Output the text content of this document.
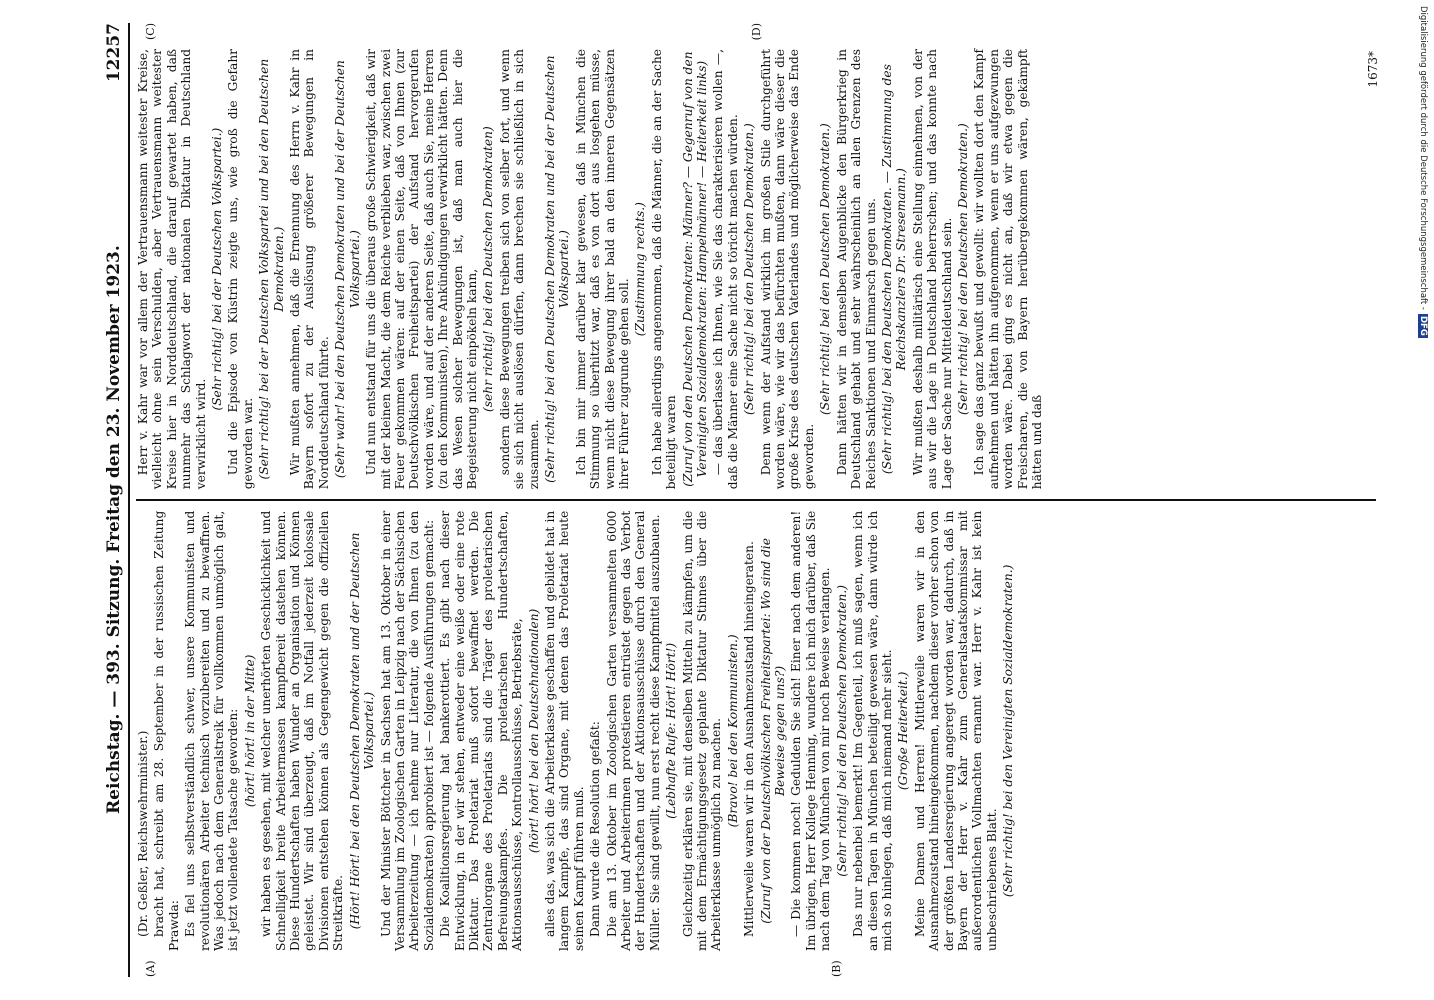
Reichstag. — 393. Sitzung. Freitag den 23. November 1923.
12257

(Dr. Geßler, Reichswehrminister.) bracht hat, schreibt am 28. September in der russischen Zeitung Prawda: Es fiel uns selbstverständlich schwer, unsere Kommunisten und revolutionären Arbeiter technisch vorzubereiten und zu bewaffnen. Was jedoch nach dem Generalstreik für vollkommen unmöglich galt, ist jetzt vollendete Tatsache geworden: (hört! hört! in der Mitte) wir haben es gesehen, mit welcher unerhörten Geschicklichkeit und Schnelligkeit breite Arbeitermassen kampfbereit dastehen können. Diese Hundertschaften haben Wunder an Organisation und Können geleistet. Wir sind überzeugt, daß im Notfall jederzeit kolossale Divisionen entstehen können als Gegengewicht gegen die offiziellen Streitkräfte. (Hört! Hört! bei den Deutschen Demokraten und der Deutschen Volkspartei.) Und der Minister Böttcher in Sachsen hat am 13. Oktober in einer Versammlung im Zoologischen Garten in Leipzig nach der Sächsischen Arbeiterzeitung — ich nehme nur Literatur, die von Ihnen (zu den Sozialdemokraten) approbiert ist — folgende Ausführungen gemacht: Die Koalitionsregierung hat bankerottiert. Es gibt nach dieser Entwicklung, in der wir stehen, entweder eine weiße oder eine rote Diktatur. Das Proletariat muß sofort bewaffnet werden. Die Zentralorgane des Proletariats sind die Träger des proletarischen Befreiungskampfes. Die proletarischen Hundertschaften, Aktionsausschüsse, Kontrollausschüsse, Betriebsräte, (hört! hört! bei den Deutschnationalen) alles das, was sich die Arbeiterklasse geschaffen und gebildet hat in langem Kampfe, das sind Organe, mit denen das Proletariat heute seinen Kampf führen muß. Dann wurde die Resolution gefaßt: Die am 13. Oktober im Zoologischen Garten versammelten 6000 Arbeiter und Arbeiterinnen protestieren entrüstet gegen das Verbot der Hundertschaften und der Aktionsausschüsse durch den General Müller. Sie sind gewillt, nun erst recht diese Kampfmittel auszubauen. (Lebhafte Rufe: Hört! Hört!) Gleichzeitig erklären sie, mit denselben Mitteln zu kämpfen, um die mit dem Ermächtigungsgesetz geplante Diktatur Stinnes über die Arbeiterklasse unmöglich zu machen. (Bravo! bei den Kommunisten.) Mittlerweile waren wir in den Ausnahmezustand hineingeraten. (Zuruf von der Deutschvölkischen Freiheitspartei: Wo sind die Beweise gegen uns?) — Die kommen noch! Gedulden Sie sich! Einer nach dem anderen! Im übrigen, Herr Kollege Henning, wundere ich mich darüber, daß Sie nach dem Tag von München von mir noch Beweise verlangen. (Sehr richtig! bei den Deutschen Demokraten.) Das nur nebenbei bemerkt! Im Gegenteil, ich muß sagen, wenn ich an diesen Tagen in München beteiligt gewesen wäre, dann würde ich mich so hinlegen, daß mich niemand mehr sieht. (Große Heiterkeit.) Meine Damen und Herren! Mittlerweile waren wir in den Ausnahmezustand hineingekommen, nachdem dieser vorher schon von der größten Landesregierung angeregt worden war, dadurch, daß in Bayern der Herr v. Kahr zum Generalstaatskommissar mit außerordentlichen Vollmachten ernannt war. Herr v. Kahr ist kein unbeschriebenes Blatt. (Sehr richtig! bei den Vereinigten Sozialdemokraten.)

Herr v. Kahr war vor allem der Vertrauensmann weitester Kreise, vielleicht ohne sein Verschulden, aber Vertrauensmann weitester Kreise hier in Norddeutschland, die darauf gewartet haben, daß nunmehr das Schlagwort der nationalen Diktatur in Deutschland verwirklicht wird.

(Sehr richtig! bei der Deutschen Volkspartei.) Und die Episode von Küstrin zeigte uns, wie groß die Gefahr geworden war. (Sehr richtig! bei der Deutschen Volkspartei und bei den Deutschen Demokraten.) Wir mußten annehmen, daß die Ernennung des Herrn v. Kahr in Bayern sofort zu der Auslösung größerer Bewegungen in Norddeutschland führte. (Sehr wahr! bei den Deutschen Demokraten und bei der Deutschen Volkspartei.) Und nun entstand für uns die überaus große Schwierigkeit, daß wir mit der kleinen Macht, die dem Reiche verblieben war, zwischen zwei Feuer gekommen wären: auf der einen Seite, daß von Ihnen (zur Deutschvölkischen Freiheitspartei) der Aufstand hervorgerufen worden wäre, und auf der anderen Seite, daß auch Sie, meine Herren (zu den Kommunisten), Ihre Ankündigungen verwirklicht hätten. Denn das Wesen solcher Bewegungen ist, daß man auch hier die Begeisterung nicht einpökeln kann, (sehr richtig! bei den Deutschen Demokraten) sondern diese Bewegungen treiben sich von selber fort, und wenn sie sich nicht auslösen dürfen, dann brechen sie schließlich in sich zusammen. (Sehr richtig! bei den Deutschen Demokraten und bei der Deutschen Volkspartei.) Ich bin mir immer darüber klar gewesen, daß in München die Stimmung so überhitzt war, daß es von dort aus losgehen müsse, wenn nicht diese Bewegung ihrer bald an den inneren Gegensätzen ihrer Führer zugrunde gehen soll.

(Zustimmung rechts.) Ich habe allerdings angenommen, daß die Männer, die an der Sache beteiligt waren (Zuruf von den Deutschen Demokraten: Männer? — Gegenruf von den Vereinigten Sozialdemokraten: Hampelmänner! — Heiterkeit links) — das überlasse ich Ihnen, wie Sie das charakterisieren wollen —, daß die Männer eine Sache nicht so töricht machen würden. (Sehr richtig! bei den Deutschen Demokraten.) Denn wenn der Aufstand wirklich im großen Stile durchgeführt worden wäre, wie wir das befürchten mußten, dann wäre dieser die große Krise des deutschen Vaterlandes und möglicherweise das Ende geworden.

(Sehr richtig! bei den Deutschen Demokraten.) Dann hätten wir in demselben Augenblicke den Bürgerkrieg in Deutschland gehabt und sehr wahrscheinlich an allen Grenzen des Reiches Sanktionen und Einmarsch gegen uns. (Sehr richtig! bei den Deutschen Demokraten. — Zustimmung des Reichskanzlers Dr. Stresemann.) Wir mußten deshalb militärisch eine Stellung einnehmen, von der aus wir die Lage in Deutschland beherrschen; und das konnte nach Lage der Sache nur Mitteldeutschland sein. (Sehr richtig! bei den Deutschen Demokraten.) Ich sage das ganz bewußt und gewollt: wir wollten dort den Kampf aufnehmen und hätten ihn aufgenommen, wenn er uns aufgezwungen worden wäre. Dabei ging es nicht an, daß wir etwa gegen die Freischaren, die von Bayern herübergekommen wären, gekämpft hätten und daß

(A)	(B)
(C)	(D)
1673*	Digitalisierung gefördert durch die Deutsche Forschungsgemeinschaft -DFG
